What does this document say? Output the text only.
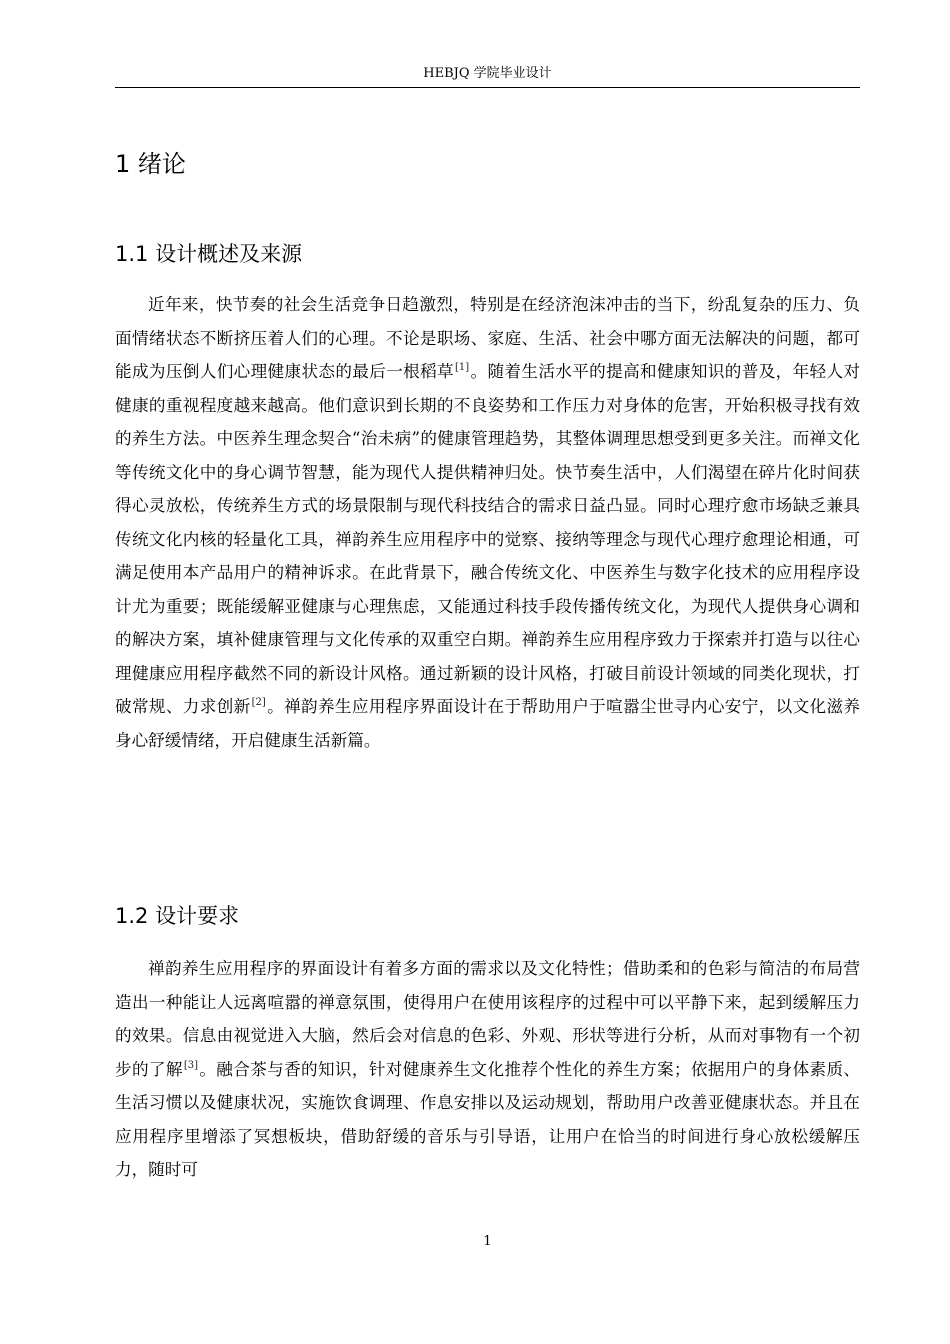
HEBJQ 学院毕业设计
1 绪论
1.1 设计概述及来源

近年来，快节奏的社会生活竞争日趋激烈，特别是在经济泡沫冲击的当下，纷乱复杂的压力、负面情绪状态不断挤压着人们的心理。不论是职场、家庭、生活、社会中哪方面无法解决的问题，都可能成为压倒人们心理健康状态的最后一根稻草[1]。随着生活水平的提高和健康知识的普及，年轻人对健康的重视程度越来越高。他们意识到长期的不良姿势和工作压力对身体的危害，开始积极寻找有效的养生方法。中医养生理念契合“治未病”的健康管理趋势，其整体调理思想受到更多关注。而禅文化等传统文化中的身心调节智慧，能为现代人提供精神归处。快节奏生活中，人们渴望在碎片化时间获得心灵放松，传统养生方式的场景限制与现代科技结合的需求日益凸显。同时心理疗愈市场缺乏兼具传统文化内核的轻量化工具，禅韵养生应用程序中的觉察、接纳等理念与现代心理疗愈理论相通，可满足使用本产品用户的精神诉求。在此背景下，融合传统文化、中医养生与数字化技术的应用程序设计尤为重要；既能缓解亚健康与心理焦虑，又能通过科技手段传播传统文化，为现代人提供身心调和的解决方案，填补健康管理与文化传承的双重空白期。禅韵养生应用程序致力于探索并打造与以往心理健康应用程序截然不同的新设计风格。通过新颖的设计风格，打破目前设计领域的同类化现状，打破常规、力求创新[2]。禅韵养生应用程序界面设计在于帮助用户于喧嚣尘世寻内心安宁，以文化滋养身心舒缓情绪，开启健康生活新篇。

1.2 设计要求

禅韵养生应用程序的界面设计有着多方面的需求以及文化特性；借助柔和的色彩与简洁的布局营造出一种能让人远离喧嚣的禅意氛围，使得用户在使用该程序的过程中可以平静下来，起到缓解压力的效果。信息由视觉进入大脑，然后会对信息的色彩、外观、形状等进行分析，从而对事物有一个初步的了解[3]。融合茶与香的知识，针对健康养生文化推荐个性化的养生方案；依据用户的身体素质、生活习惯以及健康状况，实施饮食调理、作息安排以及运动规划，帮助用户改善亚健康状态。并且在应用程序里增添了冥想板块，借助舒缓的音乐与引导语，让用户在恰当的时间进行身心放松缓解压力，随时可

1
